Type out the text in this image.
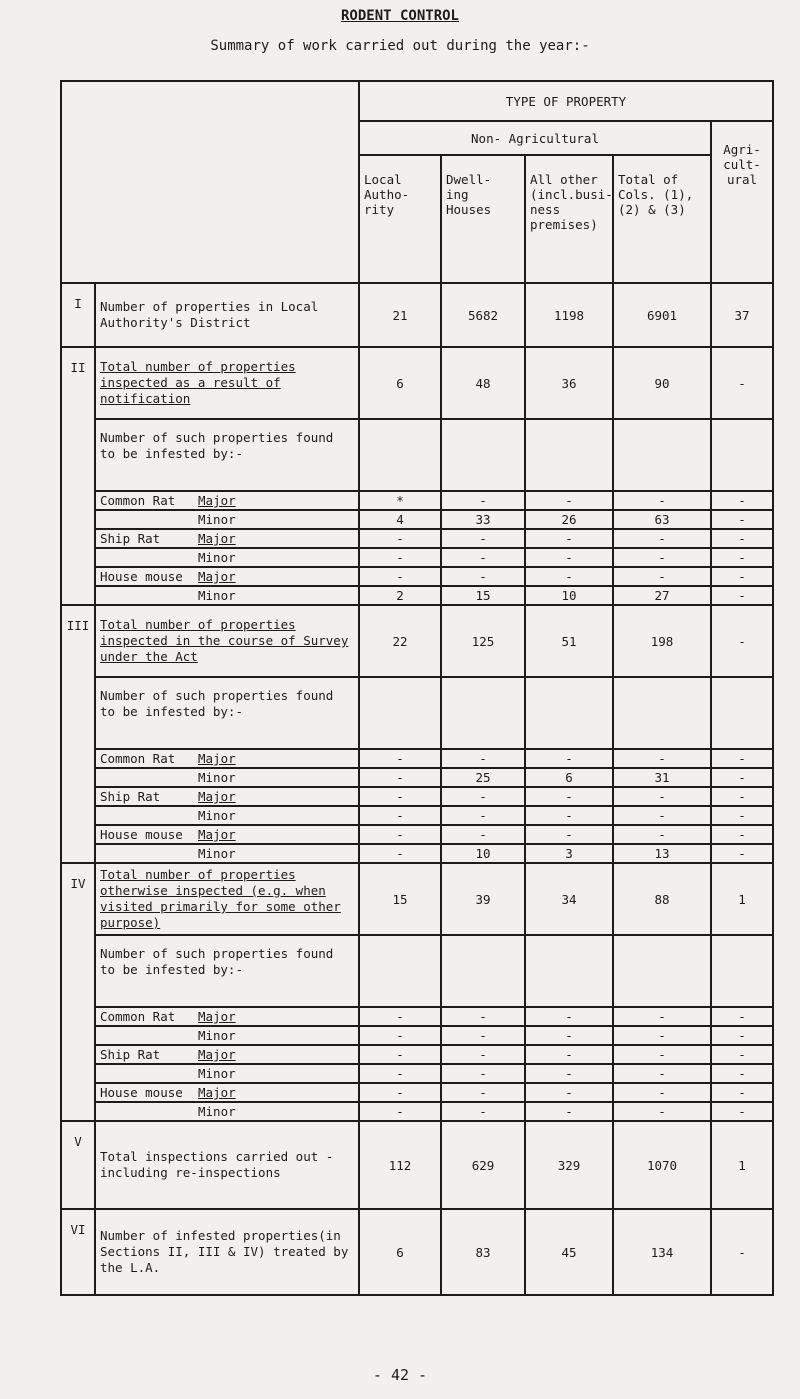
RODENT CONTROL
Summary of work carried out during the year:-
		TYPE OF PROPERTY				
		Non- Agricultural				Agri- cult- ural
		Local Autho- rity	Dwell- ing Houses	All other (incl.busi- ness premises)	Total of Cols. (1),(2) & (3)	
I	Number of properties in Local Authority's District	21	5682	1198	6901	37
II	Total number of properties inspected as a result of notification	6	48	36	90	-
	Number of such properties found to be infested by:-					

	Common Rat Major	*	-	-	-	-

	Minor	4	33	26	63	-

	Ship Rat Major	-	-	-	-	-

	Minor	-	-	-	-	-

	House mouse Major	-	-	-	-	-

	Minor	2	15	10	27	-
III	Total number of properties inspected in the course of Survey under the Act	22	125	51	198	-
	Number of such properties found to be infested by:-					

	Common Rat Major	-	-	-	-	-

	Minor	-	25	6	31	-

	Ship Rat Major	-	-	-	-	-

	Minor	-	-	-	-	-

	House mouse Major	-	-	-	-	-

	Minor	-	10	3	13	-
IV	Total number of properties otherwise inspected (e.g. when visited primarily for some other purpose)	15	39	34	88	1
	Number of such properties found to be infested by:-					

	Common Rat Major	-	-	-	-	-

	Minor	-	-	-	-	-

	Ship Rat Major	-	-	-	-	-

	Minor	-	-	-	-	-

	House mouse Major	-	-	-	-	-

	Minor	-	-	-	-	-
V	Total inspections carried out - including re-inspections	112	629	329	1070	1
VI	Number of infested properties(in Sections II, III & IV) treated by the L.A.	6	83	45	134	-
- 42 -
